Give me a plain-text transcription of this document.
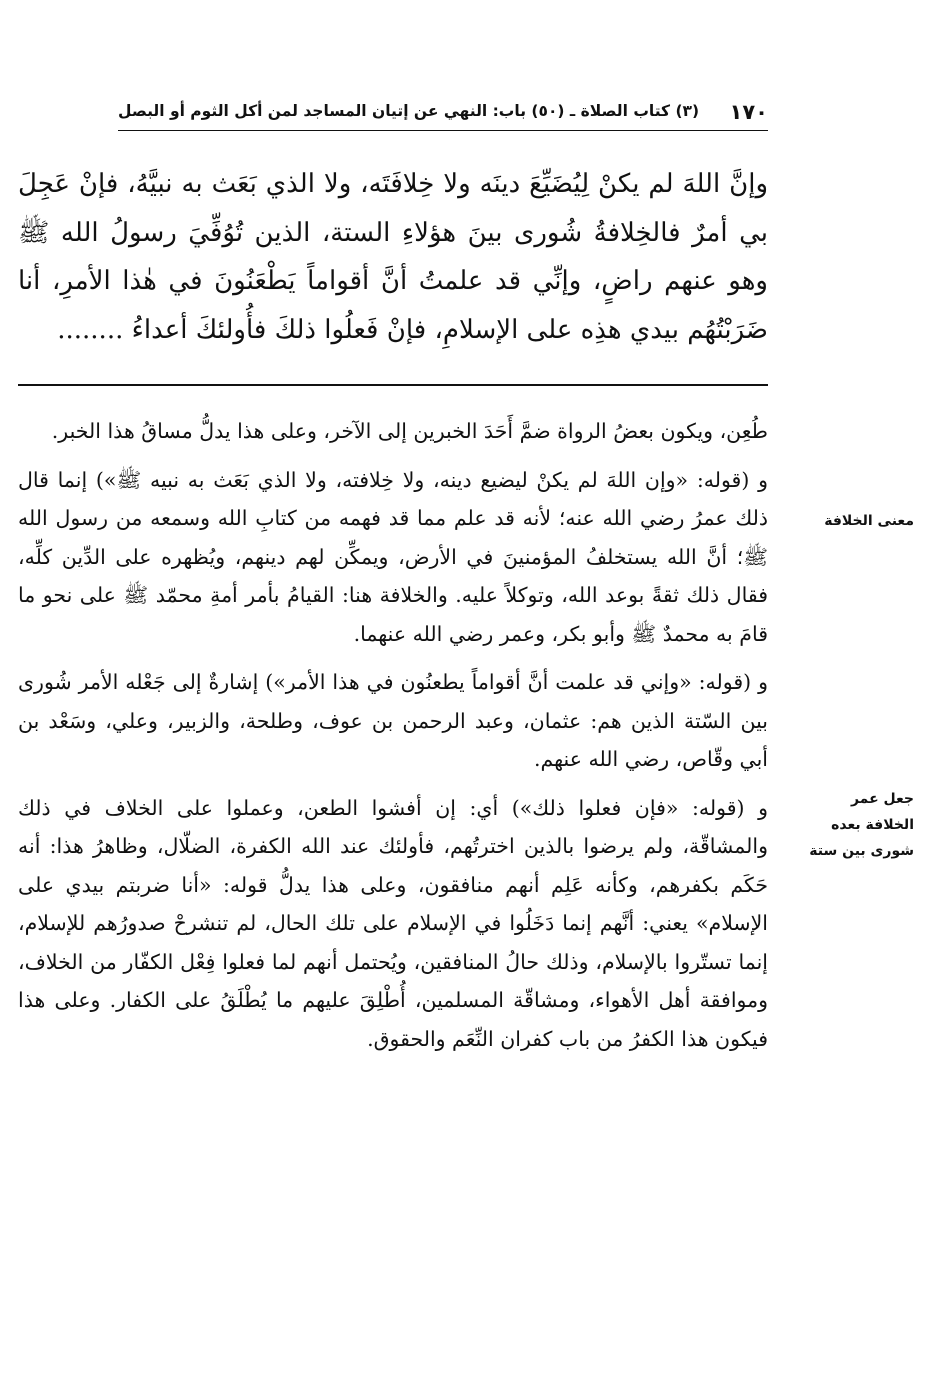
١٧٠
(٣) كتاب الصلاة ـ (٥٠) باب: النهي عن إتيان المساجد لمن أكل الثوم أو البصل
وإنَّ اللهَ لم يكنْ لِيُضَيِّعَ دينَه ولا خِلافَتَه، ولا الذي بَعَث به نبيَّهُ، فإنْ عَجِلَ بي أمرٌ فالخِلافةُ شُورى بينَ هؤلاءِ الستة، الذين تُوُفِّيَ رسولُ الله ﷺ وهو عنهم راضٍ، وإنِّي قد علمتُ أنَّ أقواماً يَطْعَنُونَ في هٰذا الأمرِ، أنا ضَرَبْتُهُم بيدي هذِه على الإسلامِ، فإنْ فَعلُوا ذلكَ فأُولئكَ أعداءُ ........

طُعِن، ويكون بعضُ الرواة ضمَّ أَحَدَ الخبرين إلى الآخر، وعلى هذا يدلُّ مساقُ هذا الخبر.

و (قوله: «وإن اللهَ لم يكنْ ليضيع دينه، ولا خِلافته، ولا الذي بَعَث به نبيه ﷺ») إنما قال ذلك عمرُ رضي الله عنه؛ لأنه قد علم مما قد فهمه من كتابِ الله وسمعه من رسول الله ﷺ؛ أنَّ الله يستخلفُ المؤمنينَ في الأرض، ويمكِّن لهم دينهم، ويُظهره على الدِّين كلِّه، فقال ذلك ثقةً بوعد الله، وتوكلاً عليه. والخلافة هنا: القيامُ بأمر أمةِ محمّد ﷺ على نحو ما قامَ به محمدٌ ﷺ وأبو بكر، وعمر رضي الله عنهما.

و (قوله: «وإني قد علمت أنَّ أقواماً يطعنُون في هذا الأمر») إشارةٌ إلى جَعْله الأمر شُورى بين السّتة الذين هم: عثمان، وعبد الرحمن بن عوف، وطلحة، والزبير، وعلي، وسَعْد بن أبي وقّاص، رضي الله عنهم.

و (قوله: «فإن فعلوا ذلك») أي: إن أفشوا الطعن، وعملوا على الخلاف في ذلك والمشاقّة، ولم يرضوا بالذين اخترتُهم، فأولئك عند الله الكفرة، الضلّال، وظاهرُ هذا: أنه حَكَم بكفرهم، وكأنه عَلِم أنهم منافقون، وعلى هذا يدلُّ قوله: «أنا ضربتم بيدي على الإسلام» يعني: أنَّهم إنما دَخَلُوا في الإسلام على تلك الحال، لم تنشرحْ صدورُهم للإسلام، إنما تستّروا بالإسلام، وذلك حالُ المنافقين، ويُحتمل أنهم لما فعلوا فِعْل الكفّار من الخلاف، وموافقة أهل الأهواء، ومشاقّة المسلمين، أُطْلِقَ عليهم ما يُطْلَقُ على الكفار. وعلى هذا فيكون هذا الكفرُ من باب كفران النِّعَم والحقوق.

معنى الخلافة
جعل عمر
الخلافة بعده
شورى بين ستة
